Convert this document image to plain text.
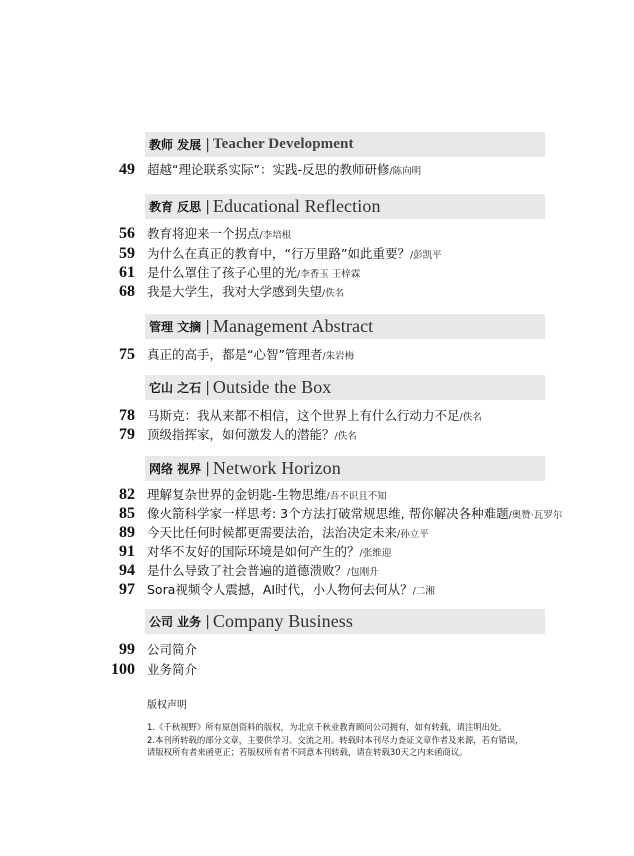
教师 发展 | Teacher Development
49 超越“理论联系实际”：实践-反思的教师研修/陈向明
教育 反思 | Educational Reflection
56 教育将迎来一个拐点/李培根
59 为什么在真正的教育中，“行万里路”如此重要？/彭凯平
61 是什么罩住了孩子心里的光/李香玉 王梓霖
68 我是大学生，我对大学感到失望/佚名
管理 文摘 | Management Abstract
75 真正的高手，都是“心智”管理者/朱岩梅
它山 之石 | Outside the Box
78 马斯克：我从来都不相信，这个世界上有什么行动力不足/佚名
79 顶级指挥家，如何激发人的潜能？/佚名
网络 视界 | Network Horizon
82 理解复杂世界的金钥匙-生物思维/吾不识且不知
85 像火箭科学家一样思考: 3个方法打破常规思维, 帮你解决各种难题/奥赞·瓦罗尔
89 今天比任何时候都更需要法治，法治决定未来/孙立平
91 对华不友好的国际环境是如何产生的？/张维迎
94 是什么导致了社会普遍的道德溃败？/包刚升
97 Sora视频令人震撼，AI时代，小人物何去何从？/二湘
公司 业务 | Company Business
99 公司简介
100 业务简介
版权声明
1.《千秋视野》所有原创资料的版权，为北京千秋业教育顾问公司拥有，如有转载，请注明出处。
2.本刊所转载的部分文章，主要供学习、交流之用。转载时本刊尽力查证文章作者及来源，若有错误，请版权所有者来函更正；若版权所有者不同意本刊转载，请在转载30天之内来函商议。
